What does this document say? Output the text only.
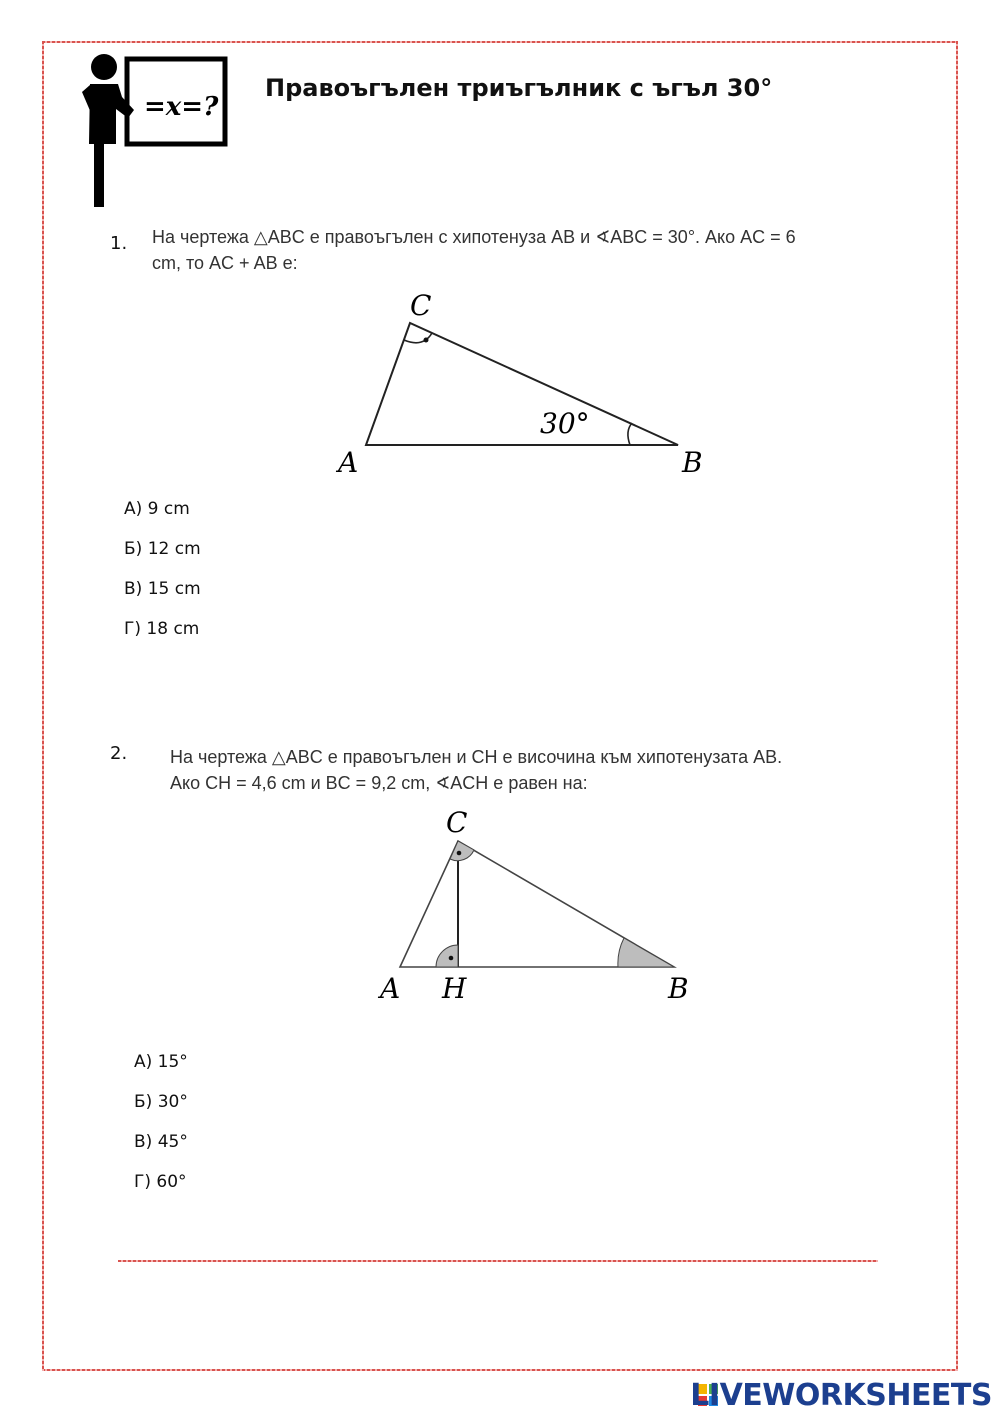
=x=?
Правоъгълен триъгълник с ъгъл 30°
1. На чертежа △ABC е правоъгълен с хипотенуза AB и ∢ABC = 30°. Ако AC = 6
cm, то AC + AB e:
30°
A	B
C
А) 9 cm
Б) 12 cm
В) 15 cm
Г) 18 cm
2. На чертежа △ABC е правоъгълен и CH е височина към хипотенузата AB.
Ако CH = 4,6 cm и BC = 9,2 cm, ∢ACH е равен на:
A H	B
C
А) 15°
Б) 30°
В) 45°
Г) 60°
LIVEWORKSHEETS
